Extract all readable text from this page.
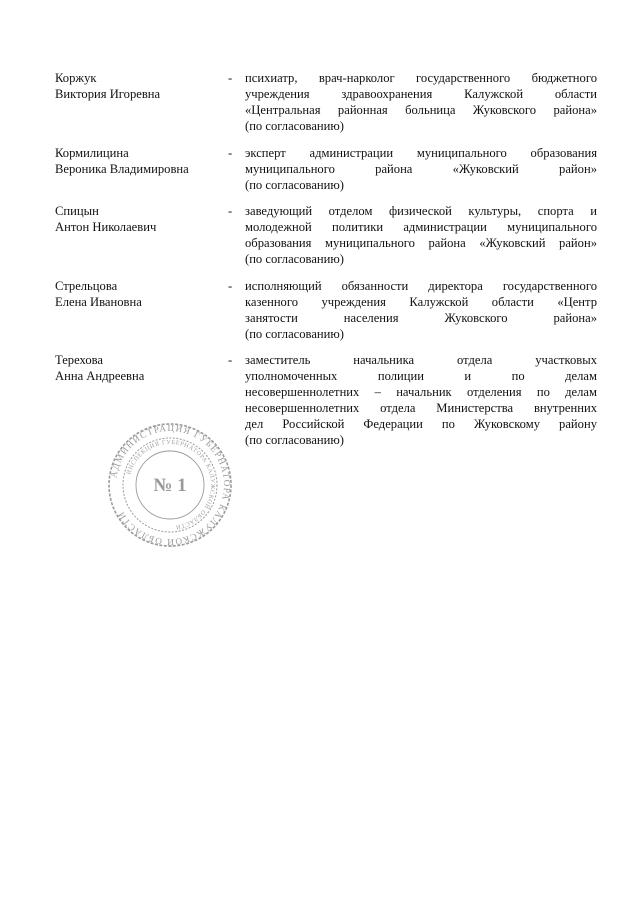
Коржук
Виктория Игоревна
-	психиатр, врач-нарколог государственного бюджетного
учреждения здравоохранения Калужской области
«Центральная районная больница Жуковского района»
(по согласованию)
Кормилицина
Вероника Владимировна
-	эксперт администрации муниципального образования
муниципального района «Жуковский район»
(по согласованию)
Спицын
Антон Николаевич
-	заведующий отделом физической культуры, спорта и
молодежной политики администрации муниципального
образования муниципального района «Жуковский район»
(по согласованию)
Стрельцова
Елена Ивановна
-	исполняющий обязанности директора государственного
казенного учреждения Калужской области «Центр
занятости населения Жуковского района»
(по согласованию)
Терехова
Анна Андреевна
-	заместитель начальника отдела участковых
уполномоченных полиции и по делам
несовершеннолетних – начальник отделения по делам
несовершеннолетних отдела Министерства внутренних
дел Российской Федерации по Жуковскому району
(по согласованию)
АДМИНИСТРАЦИЯ ГУБЕРНАТОРА КАЛУЖСКОЙ ОБЛАСТИ
ИНСПЕКЦИЯ ГУБЕРНАТОРА КАЛУЖСКОЙ ОБЛАСТИ
№ 1
